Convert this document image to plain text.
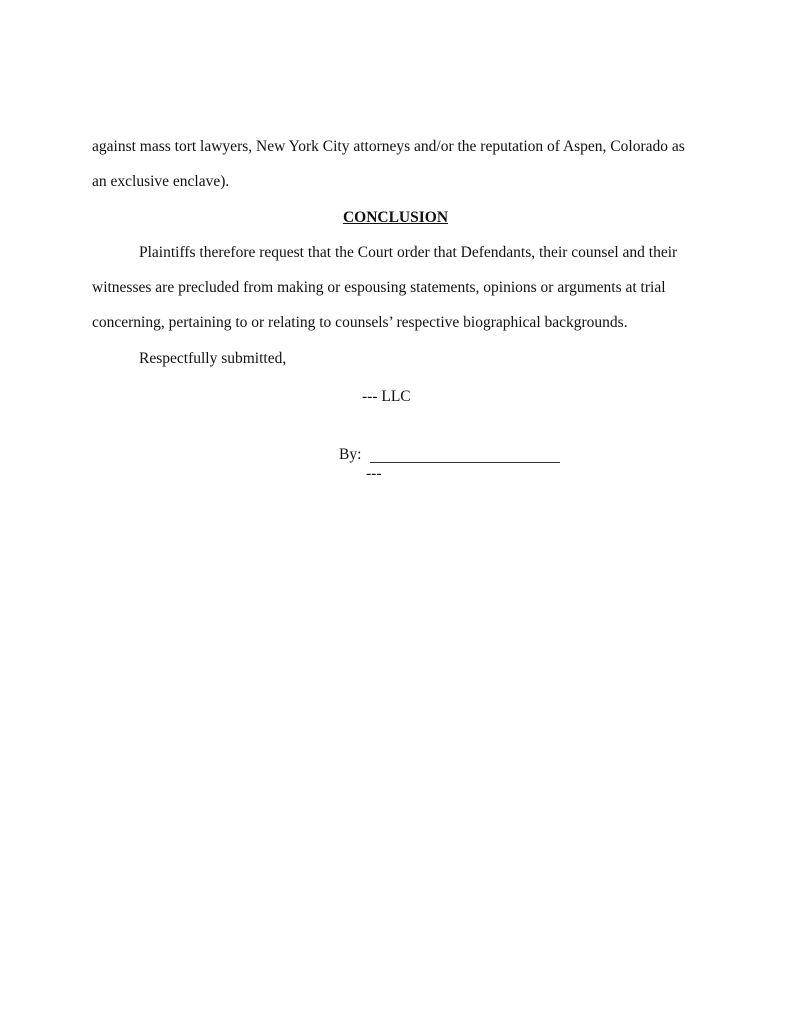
against mass tort lawyers, New York City attorneys and/or the reputation of Aspen, Colorado as
an exclusive enclave).
CONCLUSION
Plaintiffs therefore request that the Court order that Defendants, their counsel and their
witnesses are precluded from making or espousing statements, opinions or arguments at trial
concerning, pertaining to or relating to counsels’ respective biographical backgrounds.
Respectfully submitted,
--- LLC
By:
---
